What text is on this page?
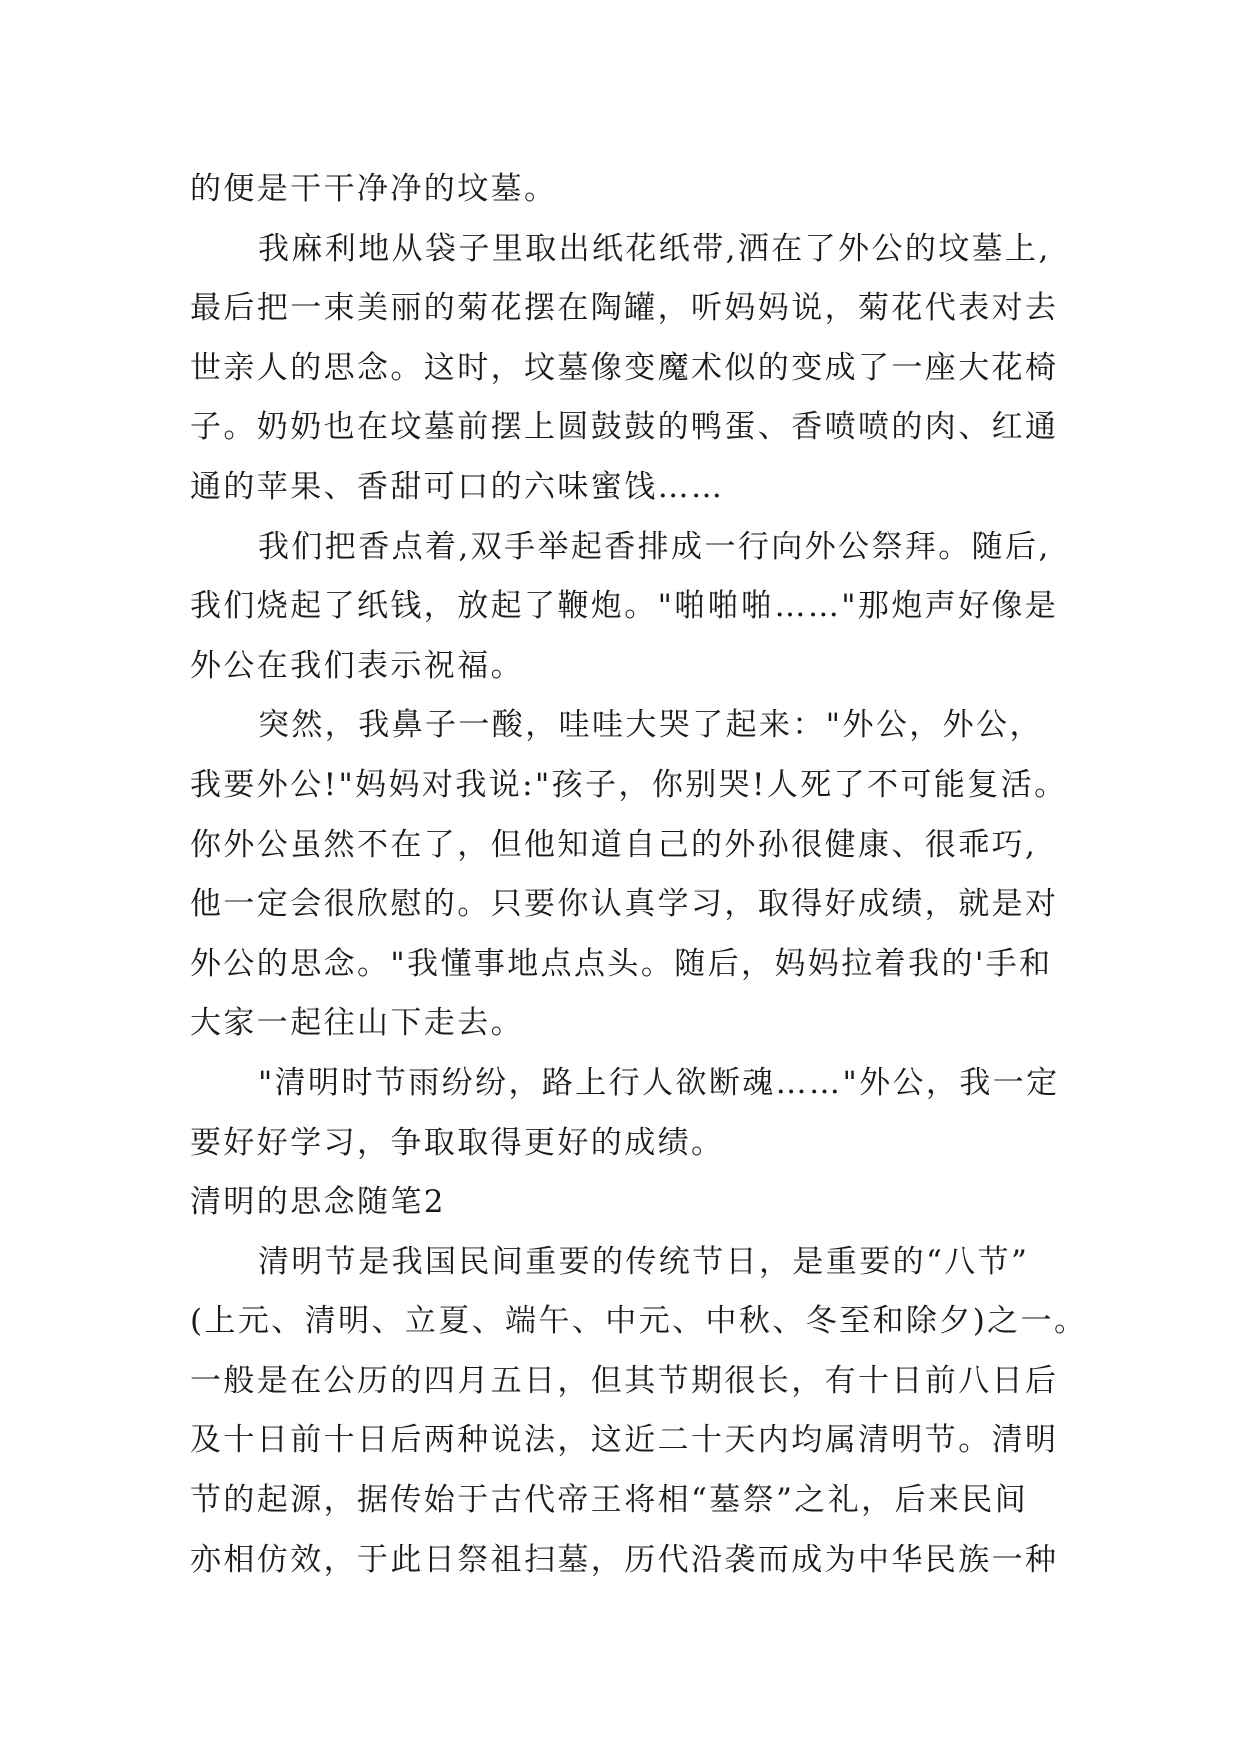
的便是干干净净的坟墓。
我麻利地从袋子里取出纸花纸带,洒在了外公的坟墓上,
最后把一束美丽的菊花摆在陶罐，听妈妈说，菊花代表对去
世亲人的思念。这时，坟墓像变魔术似的变成了一座大花椅
子。奶奶也在坟墓前摆上圆鼓鼓的鸭蛋、香喷喷的肉、红通
通的苹果、香甜可口的六味蜜饯……
我们把香点着,双手举起香排成一行向外公祭拜。随后,
我们烧起了纸钱，放起了鞭炮。"啪啪啪……"那炮声好像是
外公在我们表示祝福。
突然，我鼻子一酸，哇哇大哭了起来："外公，外公，
我要外公!"妈妈对我说:"孩子，你别哭!人死了不可能复活。
你外公虽然不在了，但他知道自己的外孙很健康、很乖巧,
他一定会很欣慰的。只要你认真学习，取得好成绩，就是对
外公的思念。"我懂事地点点头。随后，妈妈拉着我的'手和
大家一起往山下走去。
"清明时节雨纷纷，路上行人欲断魂……"外公，我一定
要好好学习，争取取得更好的成绩。
清明的思念随笔2
清明节是我国民间重要的传统节日，是重要的“八节”
(上元、清明、立夏、端午、中元、中秋、冬至和除夕)之一。
一般是在公历的四月五日，但其节期很长，有十日前八日后
及十日前十日后两种说法，这近二十天内均属清明节。清明
节的起源，据传始于古代帝王将相“墓祭”之礼，后来民间
亦相仿效，于此日祭祖扫墓，历代沿袭而成为中华民族一种
